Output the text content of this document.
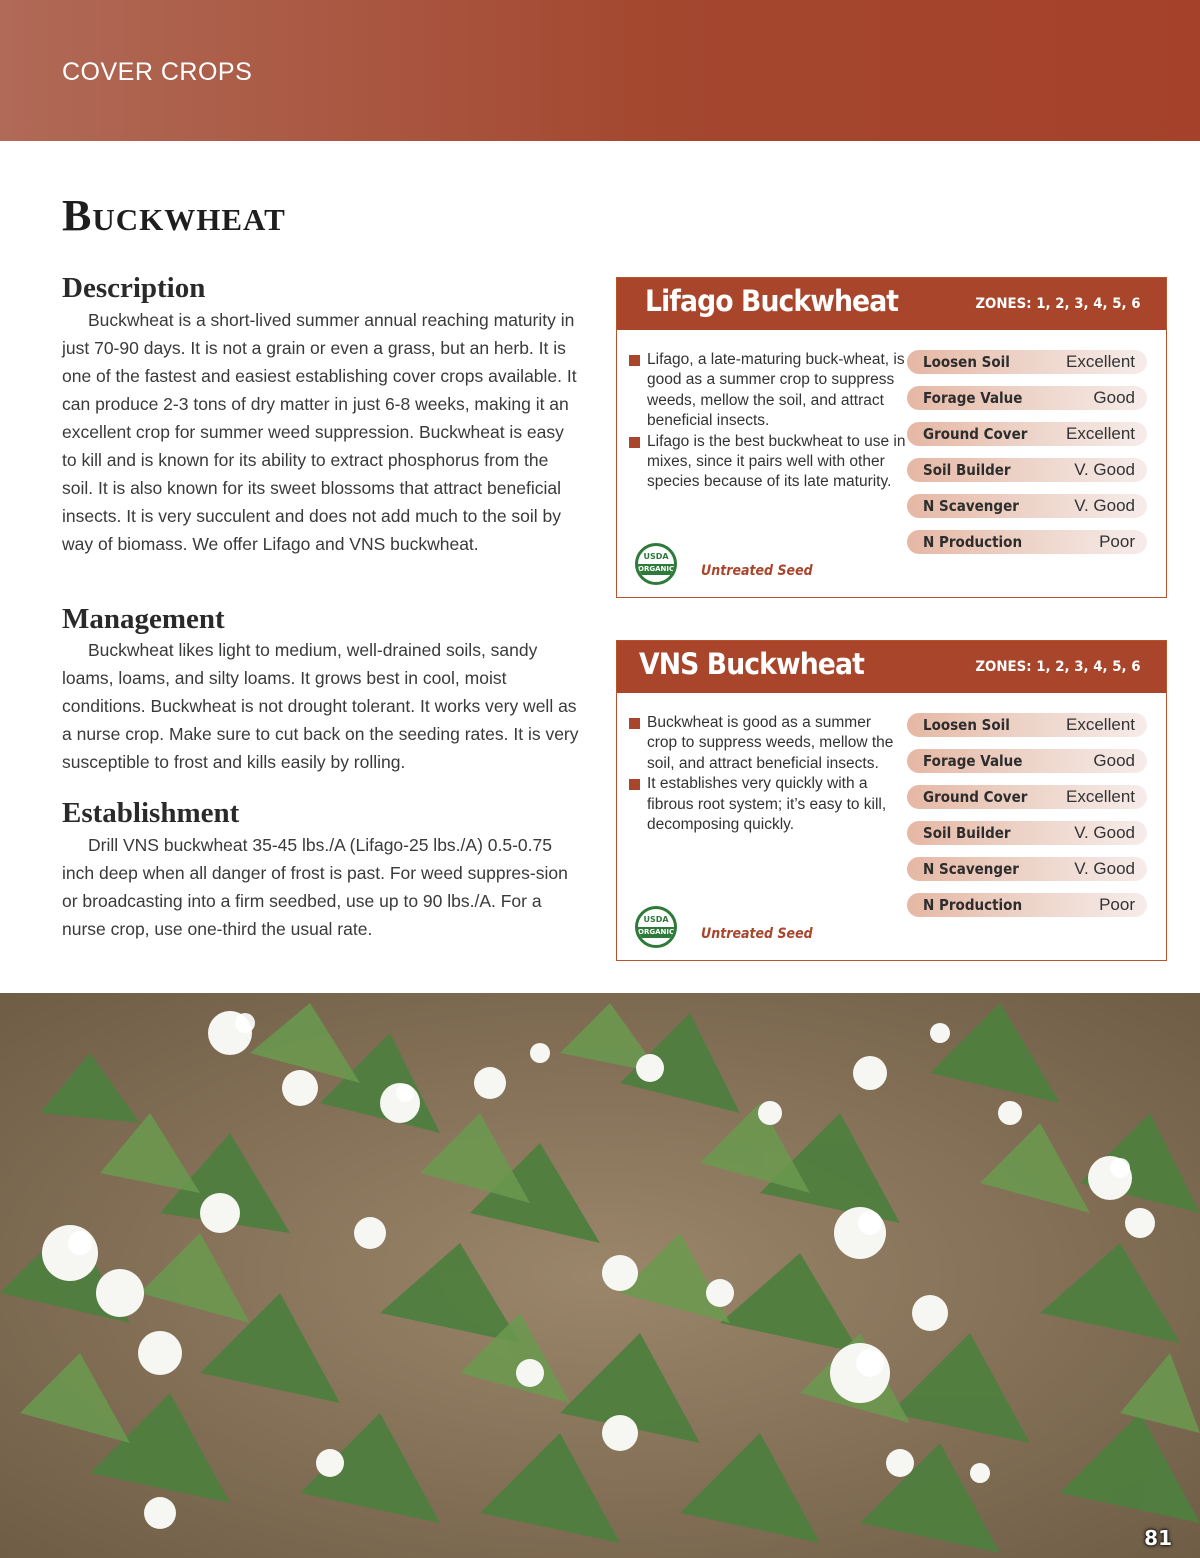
COVER CROPS
Buckwheat
Description

Buckwheat is a short-lived summer annual reaching maturity in just 70-90 days. It is not a grain or even a grass, but an herb. It is one of the fastest and easiest establishing cover crops available. It can produce 2-3 tons of dry matter in just 6-8 weeks, making it an excellent crop for summer weed suppression. Buckwheat is easy to kill and is known for its ability to extract phosphorus from the soil. It is also known for its sweet blossoms that attract beneficial insects. It is very succulent and does not add much to the soil by way of biomass. We offer Lifago and VNS buckwheat.

Management

Buckwheat likes light to medium, well-drained soils, sandy loams, loams, and silty loams. It grows best in cool, moist conditions. Buckwheat is not drought tolerant. It works very well as a nurse crop. Make sure to cut back on the seeding rates. It is very susceptible to frost and kills easily by rolling.

Establishment

Drill VNS buckwheat 35-45 lbs./A (Lifago-25 lbs./A) 0.5-0.75 inch deep when all danger of frost is past. For weed suppres-sion or broadcasting into a firm seedbed, use up to 90 lbs./A. For a nurse crop, use one-third the usual rate.

Lifago Buckwheat	ZONES: 1, 2, 3, 4, 5, 6
Lifago, a late-maturing buck-wheat, is good as a summer crop to suppress weeds, mellow the soil, and attract beneficial insects.
Lifago is the best buckwheat to use in mixes, since it pairs well with other species because of its late maturity.
Loosen Soil	Excellent
Forage Value	Good
Ground Cover Excellent
Soil Builder	V. Good
N Scavenger	V. Good
N Production	Poor
USDA
ORGANIC Untreated Seed
VNS Buckwheat	ZONES: 1, 2, 3, 4, 5, 6
Buckwheat is good as a summer crop to suppress weeds, mellow the soil, and attract beneficial insects.
It establishes very quickly with a fibrous root system; it’s easy to kill, decomposing quickly.
Loosen Soil	Excellent
Forage Value	Good
Ground Cover Excellent
Soil Builder	V. Good
N Scavenger	V. Good
N Production	Poor
USDA
ORGANIC Untreated Seed
81
